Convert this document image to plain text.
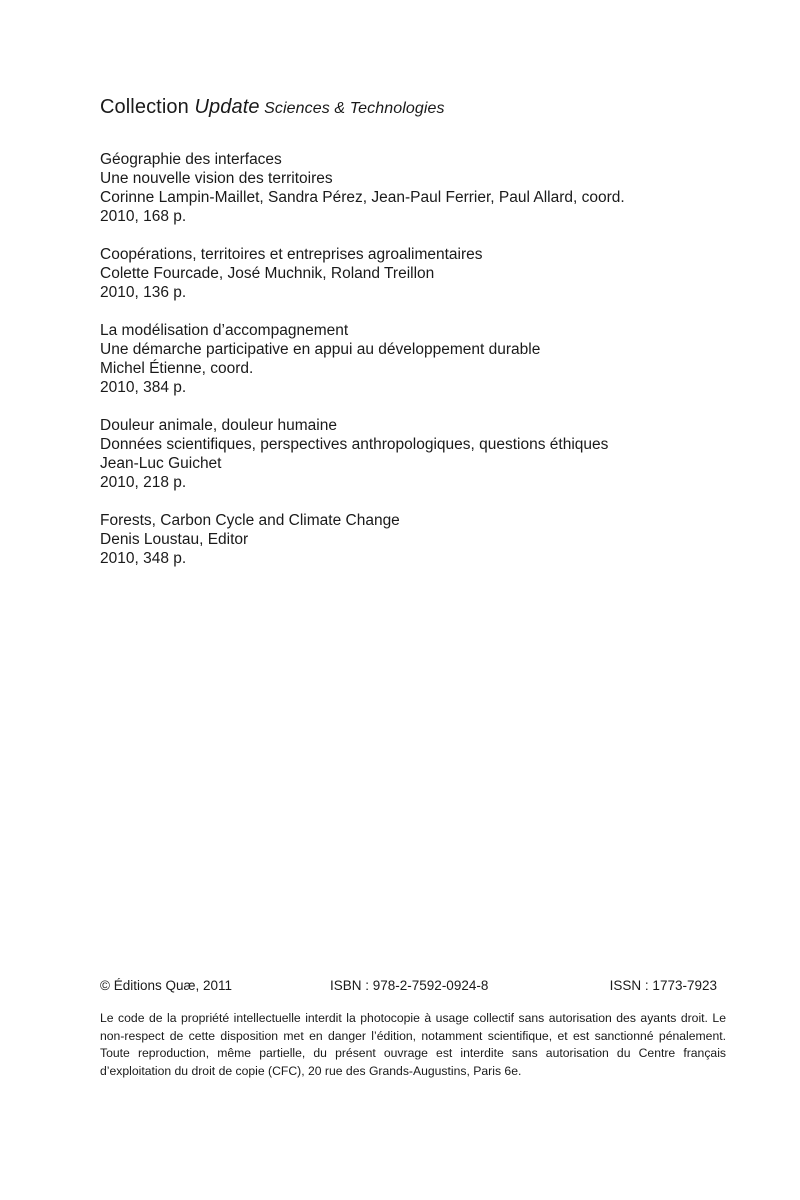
Collection Update Sciences & Technologies
Géographie des interfaces
Une nouvelle vision des territoires
Corinne Lampin-Maillet, Sandra Pérez, Jean-Paul Ferrier, Paul Allard, coord.
2010, 168 p.
Coopérations, territoires et entreprises agroalimentaires
Colette Fourcade, José Muchnik, Roland Treillon
2010, 136 p.
La modélisation d’accompagnement
Une démarche participative en appui au développement durable
Michel Étienne, coord.
2010, 384 p.
Douleur animale, douleur humaine
Données scientifiques, perspectives anthropologiques, questions éthiques
Jean-Luc Guichet
2010, 218 p.
Forests, Carbon Cycle and Climate Change
Denis Loustau, Editor
2010, 348 p.
© Éditions Quæ, 2011	ISBN : 978-2-7592-0924-8	ISSN : 1773-7923

Le code de la propriété intellectuelle interdit la photocopie à usage collectif sans autorisation des ayants droit. Le non-respect de cette disposition met en danger l’édition, notamment scientifique, et est sanctionné pénalement. Toute reproduction, même partielle, du présent ouvrage est interdite sans autorisation du Centre français d’exploitation du droit de copie (CFC), 20 rue des Grands-Augustins, Paris 6e.
